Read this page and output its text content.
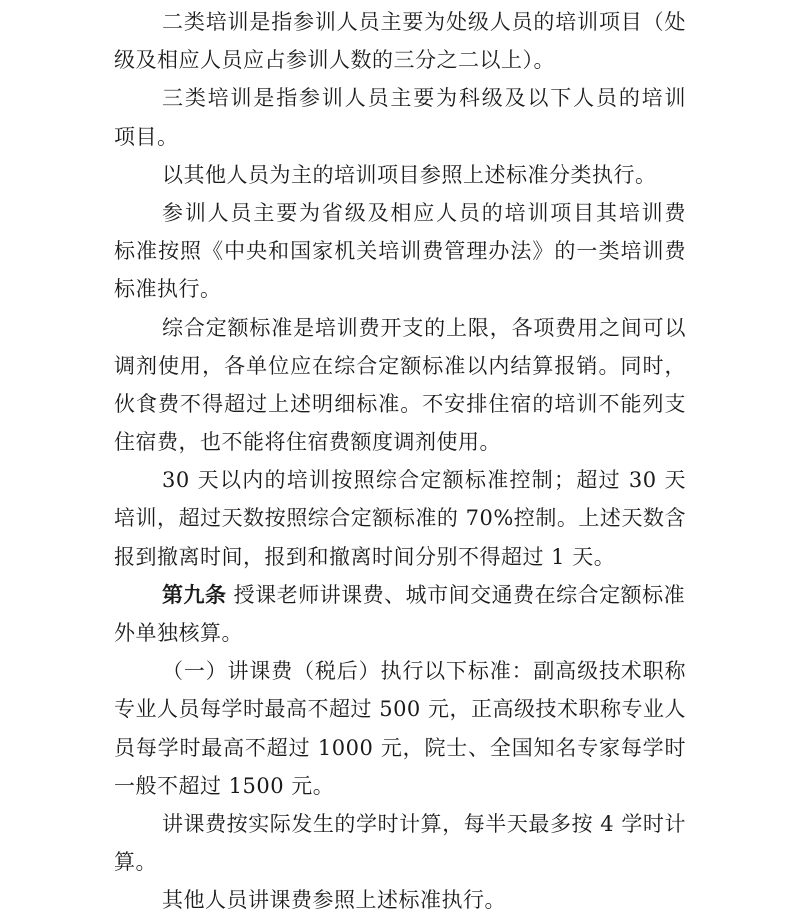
二类培训是指参训人员主要为处级人员的培训项目（处
级及相应人员应占参训人数的三分之二以上）。
三类培训是指参训人员主要为科级及以下人员的培训
项目。
以其他人员为主的培训项目参照上述标准分类执行。
参训人员主要为省级及相应人员的培训项目其培训费
标准按照《中央和国家机关培训费管理办法》的一类培训费
标准执行。
综合定额标准是培训费开支的上限，各项费用之间可以
调剂使用，各单位应在综合定额标准以内结算报销。同时，
伙食费不得超过上述明细标准。不安排住宿的培训不能列支
住宿费，也不能将住宿费额度调剂使用。
30 天以内的培训按照综合定额标准控制；超过 30 天
培训，超过天数按照综合定额标准的 70%控制。上述天数含
报到撤离时间，报到和撤离时间分别不得超过 1 天。
第九条 授课老师讲课费、城市间交通费在综合定额标准
外单独核算。
（一）讲课费（税后）执行以下标准：副高级技术职称
专业人员每学时最高不超过 500 元，正高级技术职称专业人
员每学时最高不超过 1000 元，院士、全国知名专家每学时
一般不超过 1500 元。
讲课费按实际发生的学时计算，每半天最多按 4 学时计
算。
其他人员讲课费参照上述标准执行。
